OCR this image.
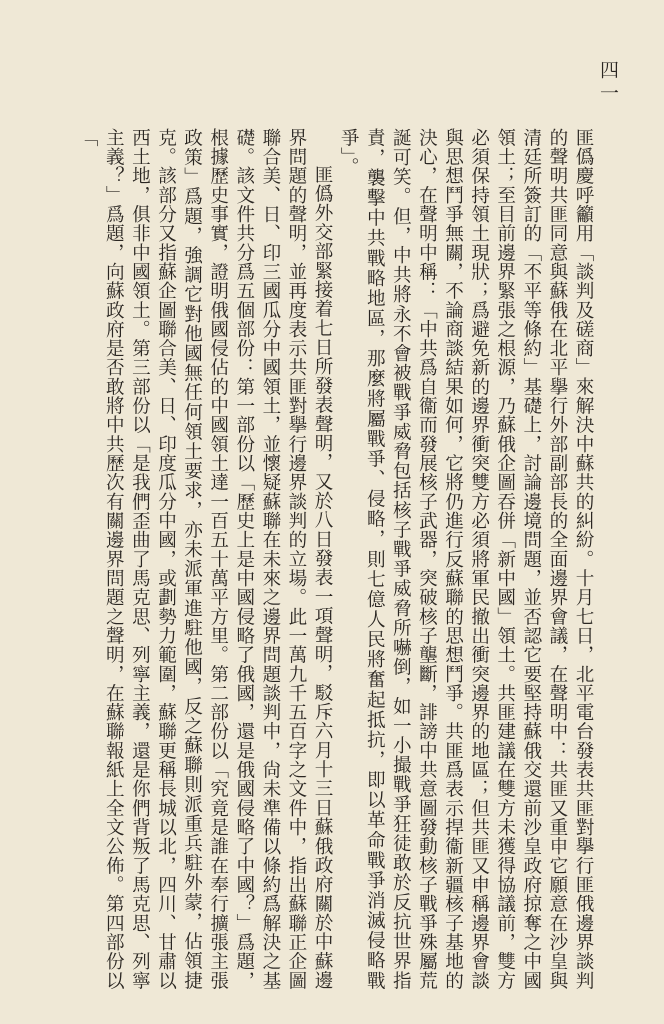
四一

匪僞慶呼籲用「談判及磋商」來解決中蘇共的糾紛。十月七日，北平電台發表共匪對擧行匪俄邊界談判的聲明共匪同意與蘇俄在北平擧行外部副部長的全面邊界會議，在聲明中：共匪又重申它願意在沙皇與清廷所簽訂的「不平等條約」基礎上，討論邊境問題，並否認它要堅持蘇俄交還前沙皇政府掠奪之中國領土；至目前邊界緊張之根源，乃蘇俄企圖吞併「新中國」領土。共匪建議在雙方未獲得協議前，雙方必須保持領土現狀；爲避免新的邊界衝突雙方必須將軍民撤出衝突邊界的地區；但共匪又申稱邊界會談與思想鬥爭無關，不論商談結果如何，它將仍進行反蘇聯的思想鬥爭。共匪爲表示捍衞新疆核子基地的決心，在聲明中稱：「中共爲自衞而發展核子武器，突破核子壟斷，誹謗中共意圖發動核子戰爭殊屬荒誕可笑。但，中共將永不會被戰爭威脅包括核子戰爭威脅所嚇倒，如一小撮戰爭狂徒敢於反抗世界指責，襲擊中共戰略地區，那麼將屬戰爭、侵略，則七億人民將奮起抵抗，即以革命戰爭消滅侵略戰爭」。

匪僞外交部緊接着七日所發表聲明，又於八日發表一項聲明，駁斥六月十三日蘇俄政府關於中蘇邊界問題的聲明，並再度表示共匪對擧行邊界談判的立場。此一萬九千五百字之文件中，指出蘇聯正企圖聯合美、日、印三國瓜分中國領土，並懷疑蘇聯在未來之邊界問題談判中，尙未準備以條約爲解決之基礎。該文件共分爲五個部份：第一部份以「歷史上是中國侵略了俄國，還是俄國侵略了中國？」爲題，根據歷史事實，證明俄國侵佔的中國領土達一百五十萬平方里。第二部份以「究竟是誰在奉行擴張主張政策」爲題，強調它對他國無任何領土要求，亦未派軍進駐他國，反之蘇聯則派重兵駐外蒙，佔領捷克。該部分又指蘇企圖聯合美、日、印度瓜分中國，或劃勢力範圍，蘇聯更稱長城以北，四川、甘肅以西土地，俱非中國領土。第三部份以「是我們歪曲了馬克思、列寧主義，還是你們背叛了馬克思、列寧主義？」爲題，向蘇政府是否敢將中共歷次有關邊界問題之聲明，在蘇聯報紙上全文公佈。第四部份以「
